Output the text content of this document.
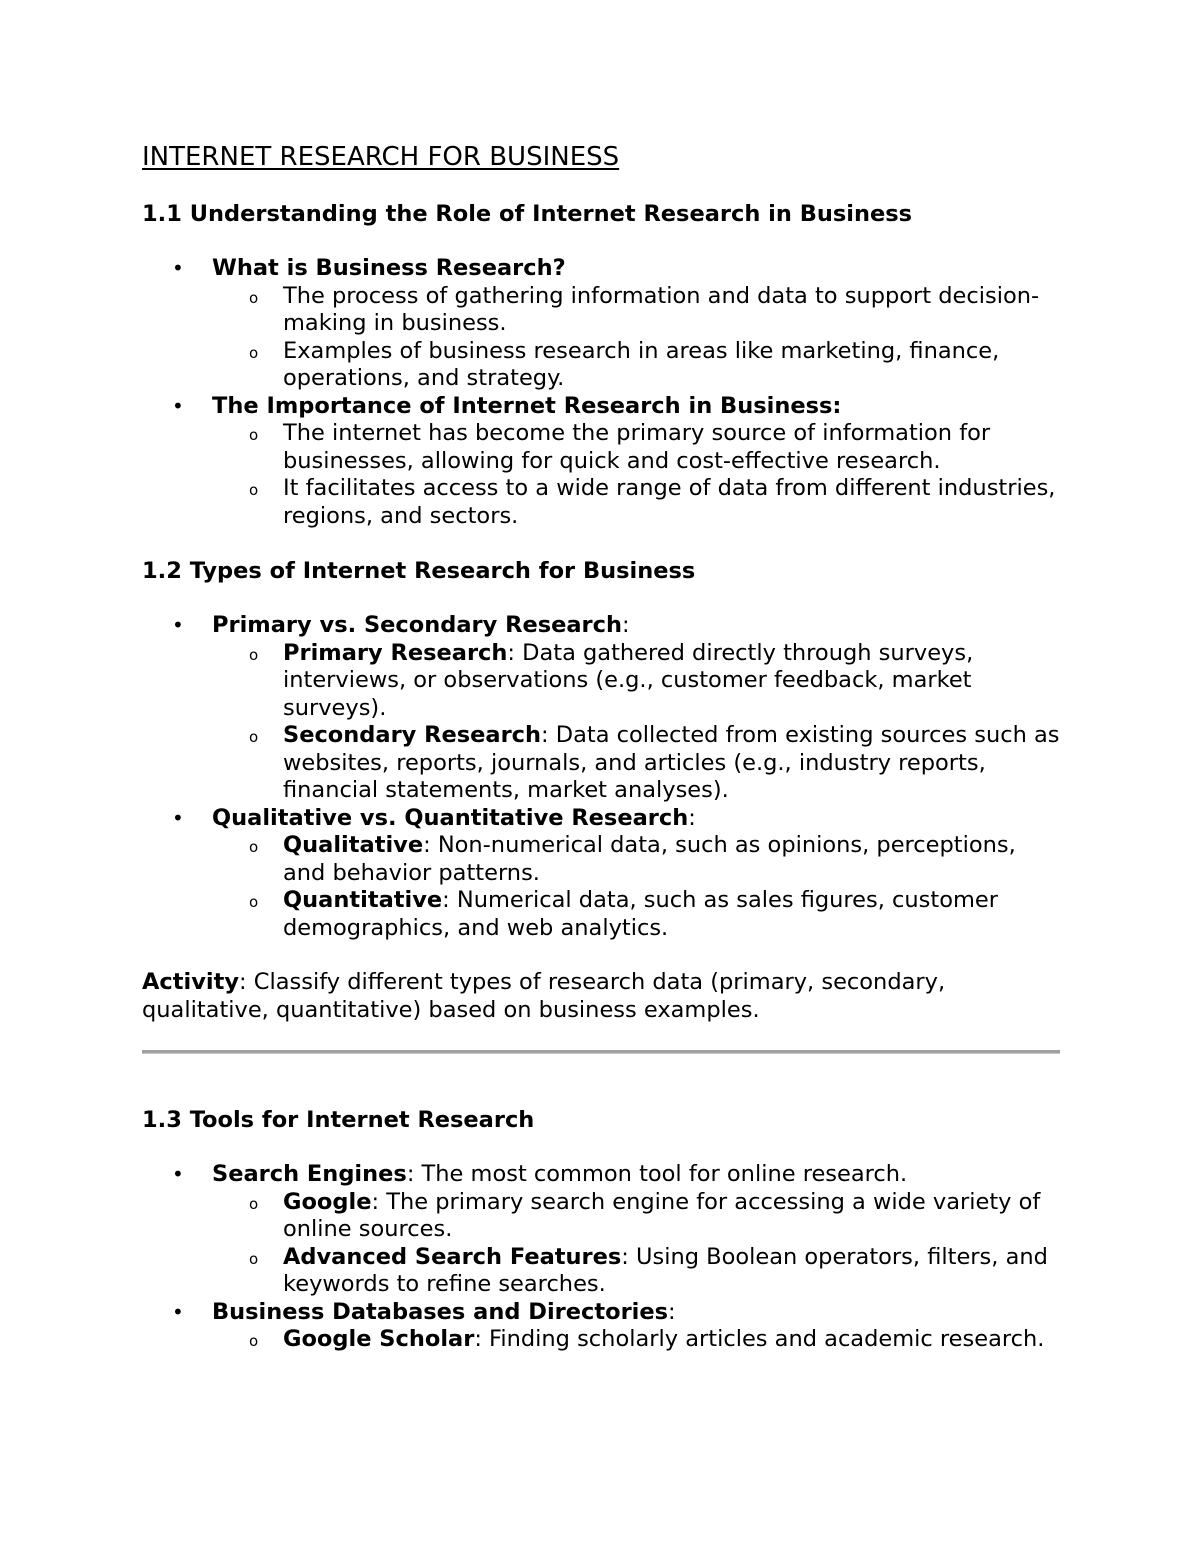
INTERNET RESEARCH FOR BUSINESS
1.1 Understanding the Role of Internet Research in Business
• What is Business Research?
o The process of gathering information and data to support decision-making in business.
o Examples of business research in areas like marketing, finance, operations, and strategy.
• The Importance of Internet Research in Business:
o The internet has become the primary source of information for businesses, allowing for quick and cost-effective research.
o It facilitates access to a wide range of data from different industries, regions, and sectors.
1.2 Types of Internet Research for Business
• Primary vs. Secondary Research:
o Primary Research: Data gathered directly through surveys, interviews, or observations (e.g., customer feedback, market surveys).
o Secondary Research: Data collected from existing sources such as websites, reports, journals, and articles (e.g., industry reports, financial statements, market analyses).
• Qualitative vs. Quantitative Research:
o Qualitative: Non-numerical data, such as opinions, perceptions, and behavior patterns.
o Quantitative: Numerical data, such as sales figures, customer demographics, and web analytics.

Activity: Classify different types of research data (primary, secondary, qualitative, quantitative) based on business examples.

1.3 Tools for Internet Research
• Search Engines: The most common tool for online research.
o Google: The primary search engine for accessing a wide variety of online sources.
o Advanced Search Features: Using Boolean operators, filters, and keywords to refine searches.
• Business Databases and Directories:
o Google Scholar: Finding scholarly articles and academic research.
